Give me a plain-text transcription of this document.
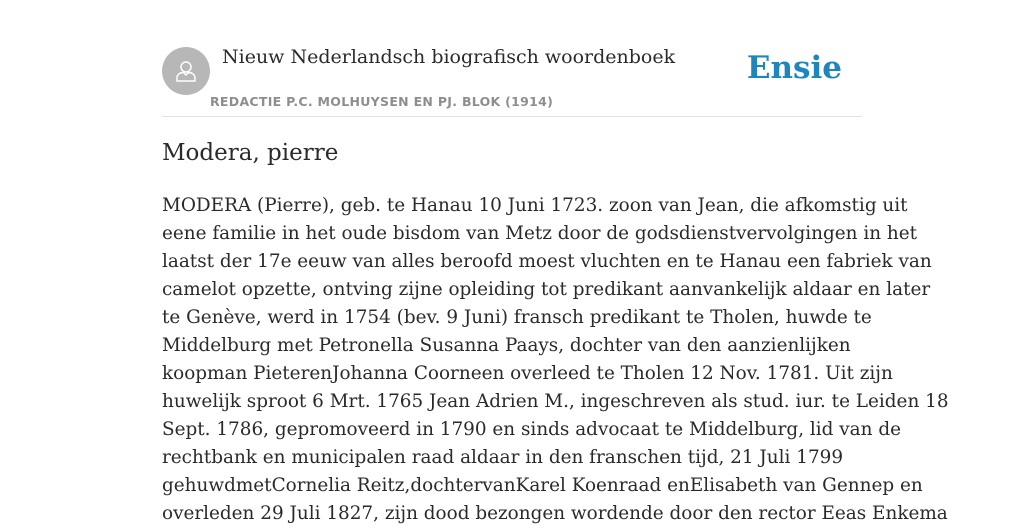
Nieuw Nederlandsch biografisch woordenboek
REDACTIE P.C. MOLHUYSEN EN PJ. BLOK (1914)
Ensie
Modera, pierre
MODERA (Pierre), geb. te Hanau 10 Juni 1723. zoon van Jean, die afkomstig uit
eene familie in het oude bisdom van Metz door de godsdienstvervolgingen in het
laatst der 17e eeuw van alles beroofd moest vluchten en te Hanau een fabriek van
camelot opzette, ontving zijne opleiding tot predikant aanvankelijk aldaar en later
te Genève, werd in 1754 (bev. 9 Juni) fransch predikant te Tholen, huwde te
Middelburg met Petronella Susanna Paays, dochter van den aanzienlijken
koopman PieterenJohanna Coorneen overleed te Tholen 12 Nov. 1781. Uit zijn
huwelijk sproot 6 Mrt. 1765 Jean Adrien M., ingeschreven als stud. iur. te Leiden 18
Sept. 1786, gepromoveerd in 1790 en sinds advocaat te Middelburg, lid van de
rechtbank en municipalen raad aldaar in den franschen tijd, 21 Juli 1799
gehuwdmetCornelia Reitz,dochtervanKarel Koenraad enElisabeth van Gennep en
overleden 29 Juli 1827, zijn dood bezongen wordende door den rector Eeas Enkema
